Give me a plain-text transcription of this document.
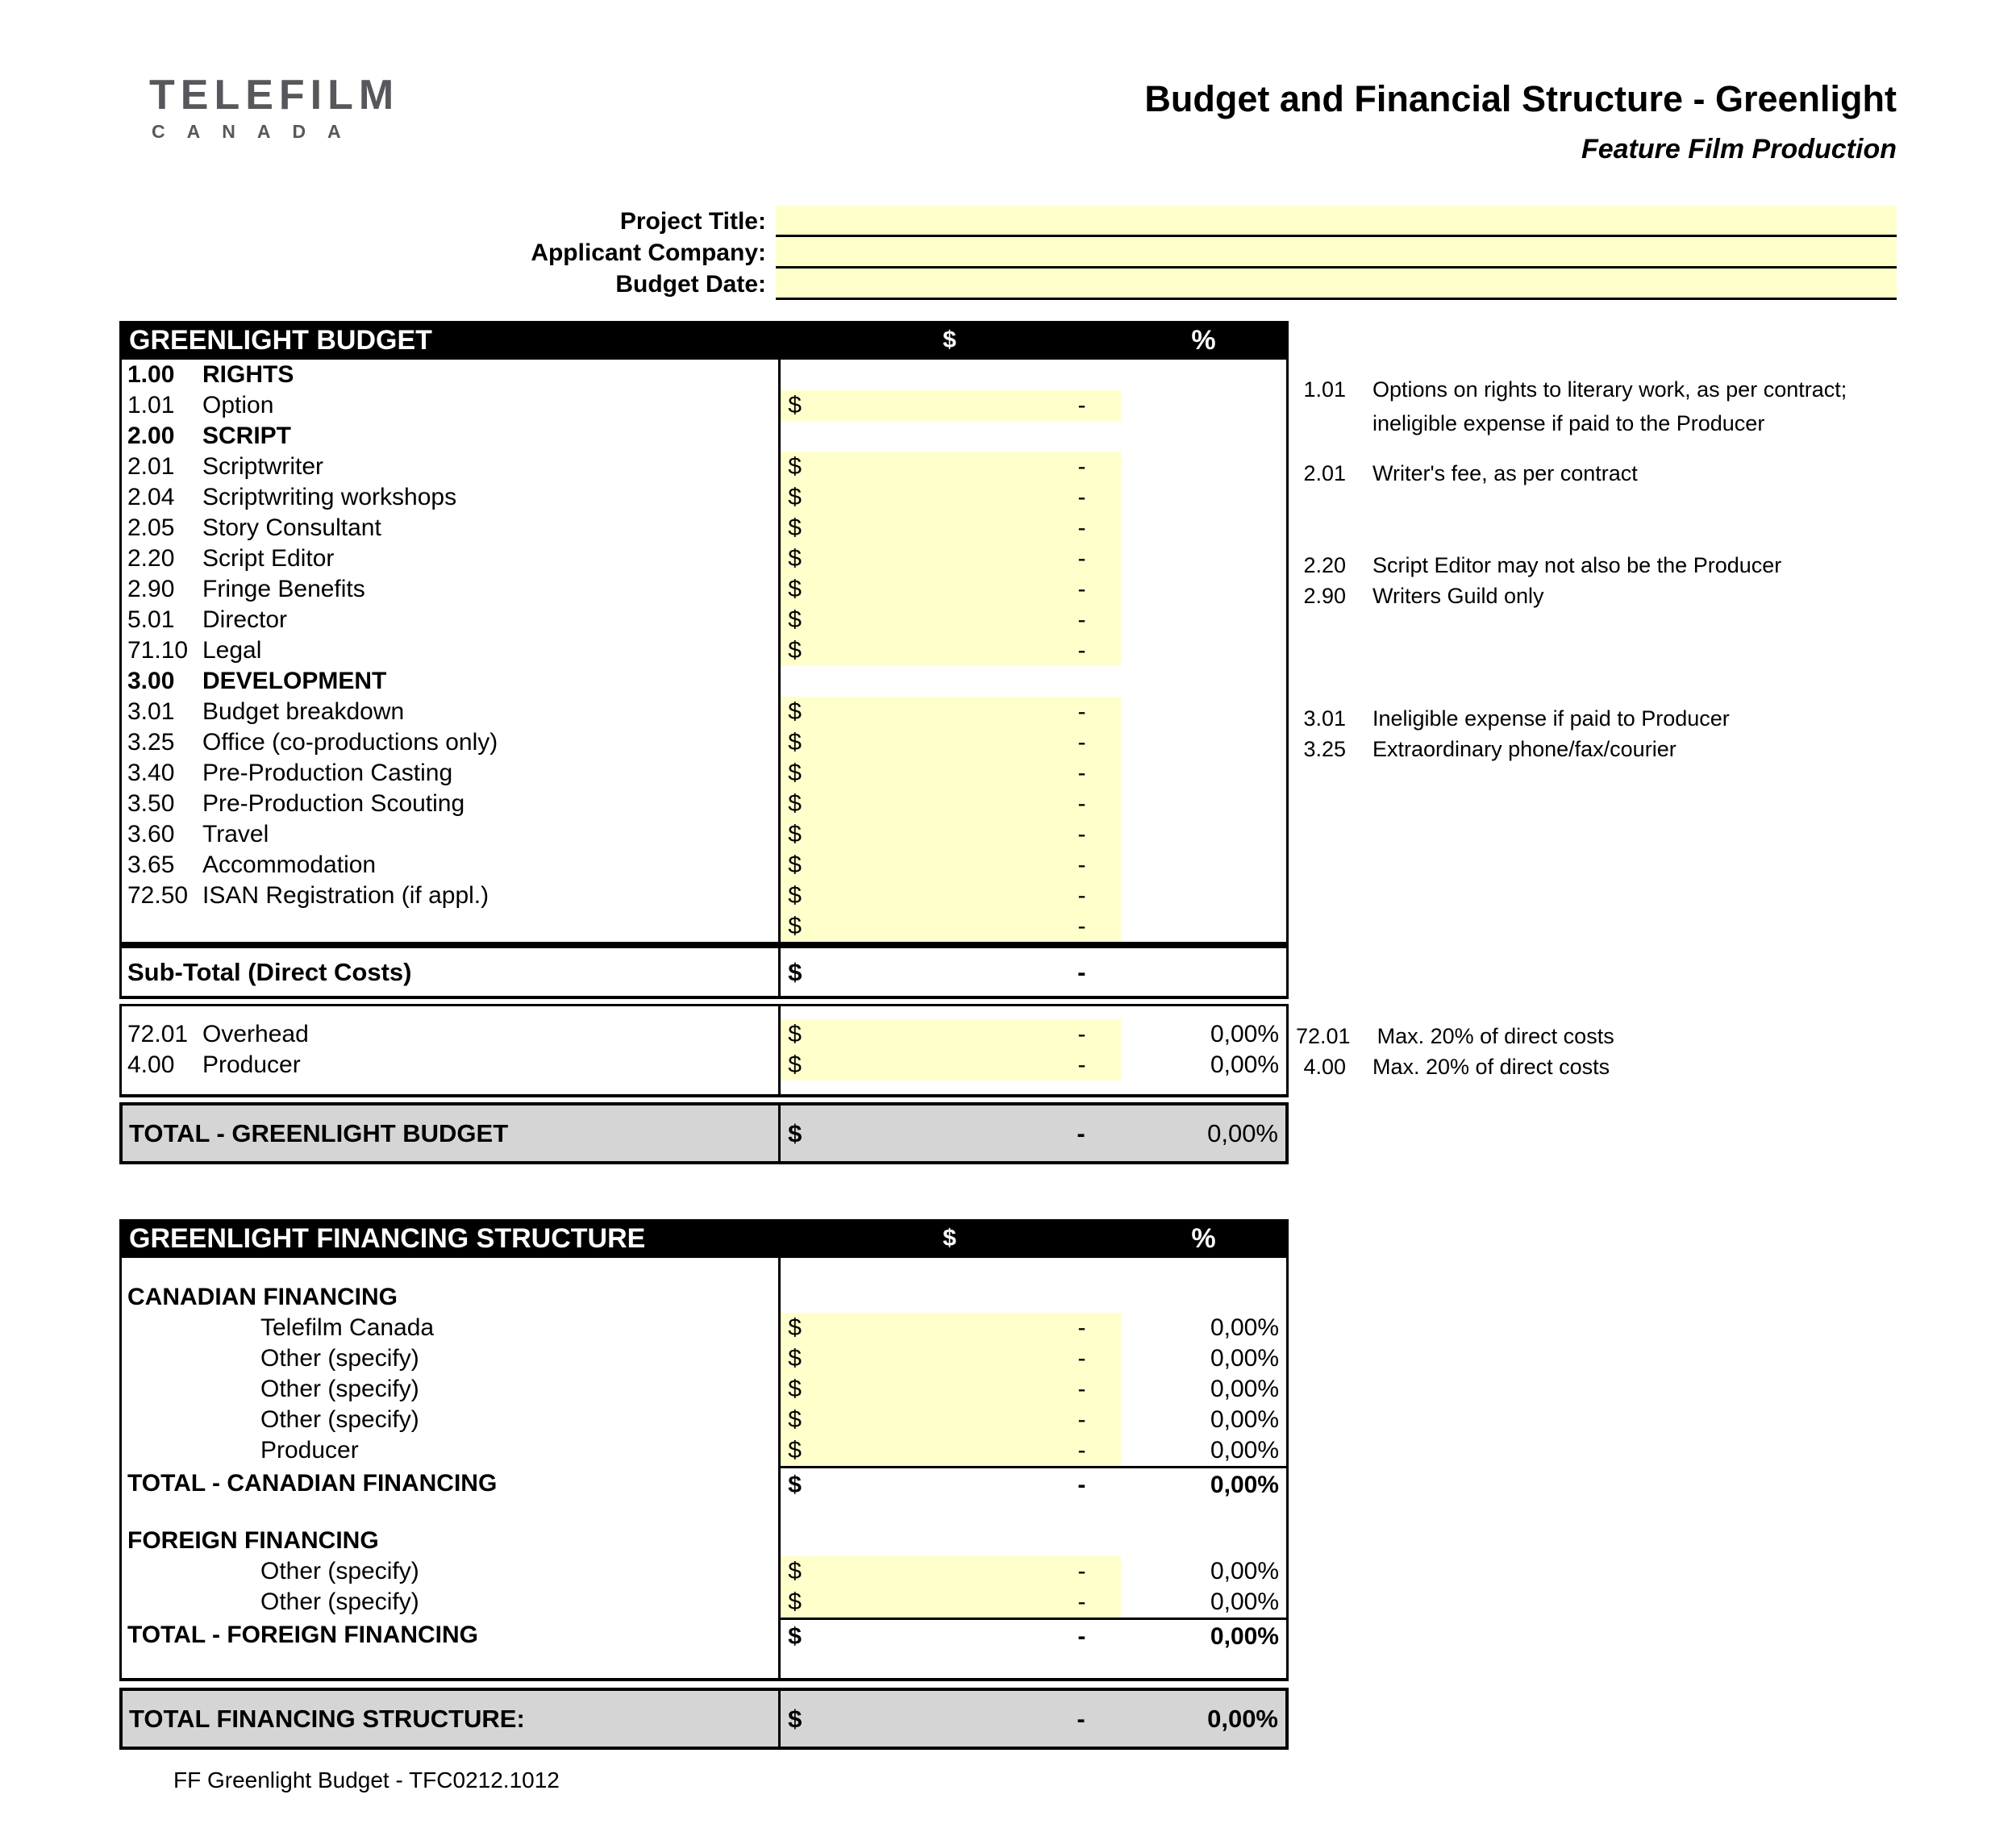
TELEFILM
CANADA
Budget and Financial Structure - Greenlight
Feature Film Production
Project Title:
Applicant Company:
Budget Date:
GREENLIGHT BUDGET	$	%
1.00	RIGHTS
1.01	Option	$	-
2.00	SCRIPT
2.01	Scriptwriter	$	-
2.04	Scriptwriting workshops	$	-
2.05	Story Consultant	$	-
2.20	Script Editor	$	-
2.90	Fringe Benefits	$	-
5.01	Director	$	-
71.10 Legal	$	-
3.00	DEVELOPMENT
3.01	Budget breakdown	$	-
3.25	Office (co-productions only)	$	-
3.40	Pre-Production Casting	$	-
3.50	Pre-Production Scouting	$	-
3.60	Travel	$	-
3.65	Accommodation	$	-
72.50 ISAN Registration (if appl.)	$	-
$	-
Sub-Total (Direct Costs)	$	-
72.01 Overhead	$	-	0,00%
4.00	Producer	$	-	0,00%
TOTAL - GREENLIGHT BUDGET	$	-	0,00%
1.01 Options on rights to literary work, as per contract;
ineligible expense if paid to the Producer
2.01 Writer's fee, as per contract
2.20 Script Editor may not also be the Producer
2.90 Writers Guild only
3.01 Ineligible expense if paid to Producer
3.25 Extraordinary phone/fax/courier
72.01 Max. 20% of direct costs
4.00 Max. 20% of direct costs
GREENLIGHT FINANCING STRUCTURE	$	%
CANADIAN FINANCING
Telefilm Canada	$	-	0,00%
Other (specify)	$	-	0,00%
Other (specify)	$	-	0,00%
Other (specify)	$	-	0,00%
Producer	$	-	0,00%
TOTAL - CANADIAN FINANCING	$	-	0,00%
FOREIGN FINANCING
Other (specify)	$	-	0,00%
Other (specify)	$	-	0,00%
TOTAL - FOREIGN FINANCING	$	-	0,00%
TOTAL FINANCING STRUCTURE:	$	-	0,00%
FF Greenlight Budget - TFC0212.1012
